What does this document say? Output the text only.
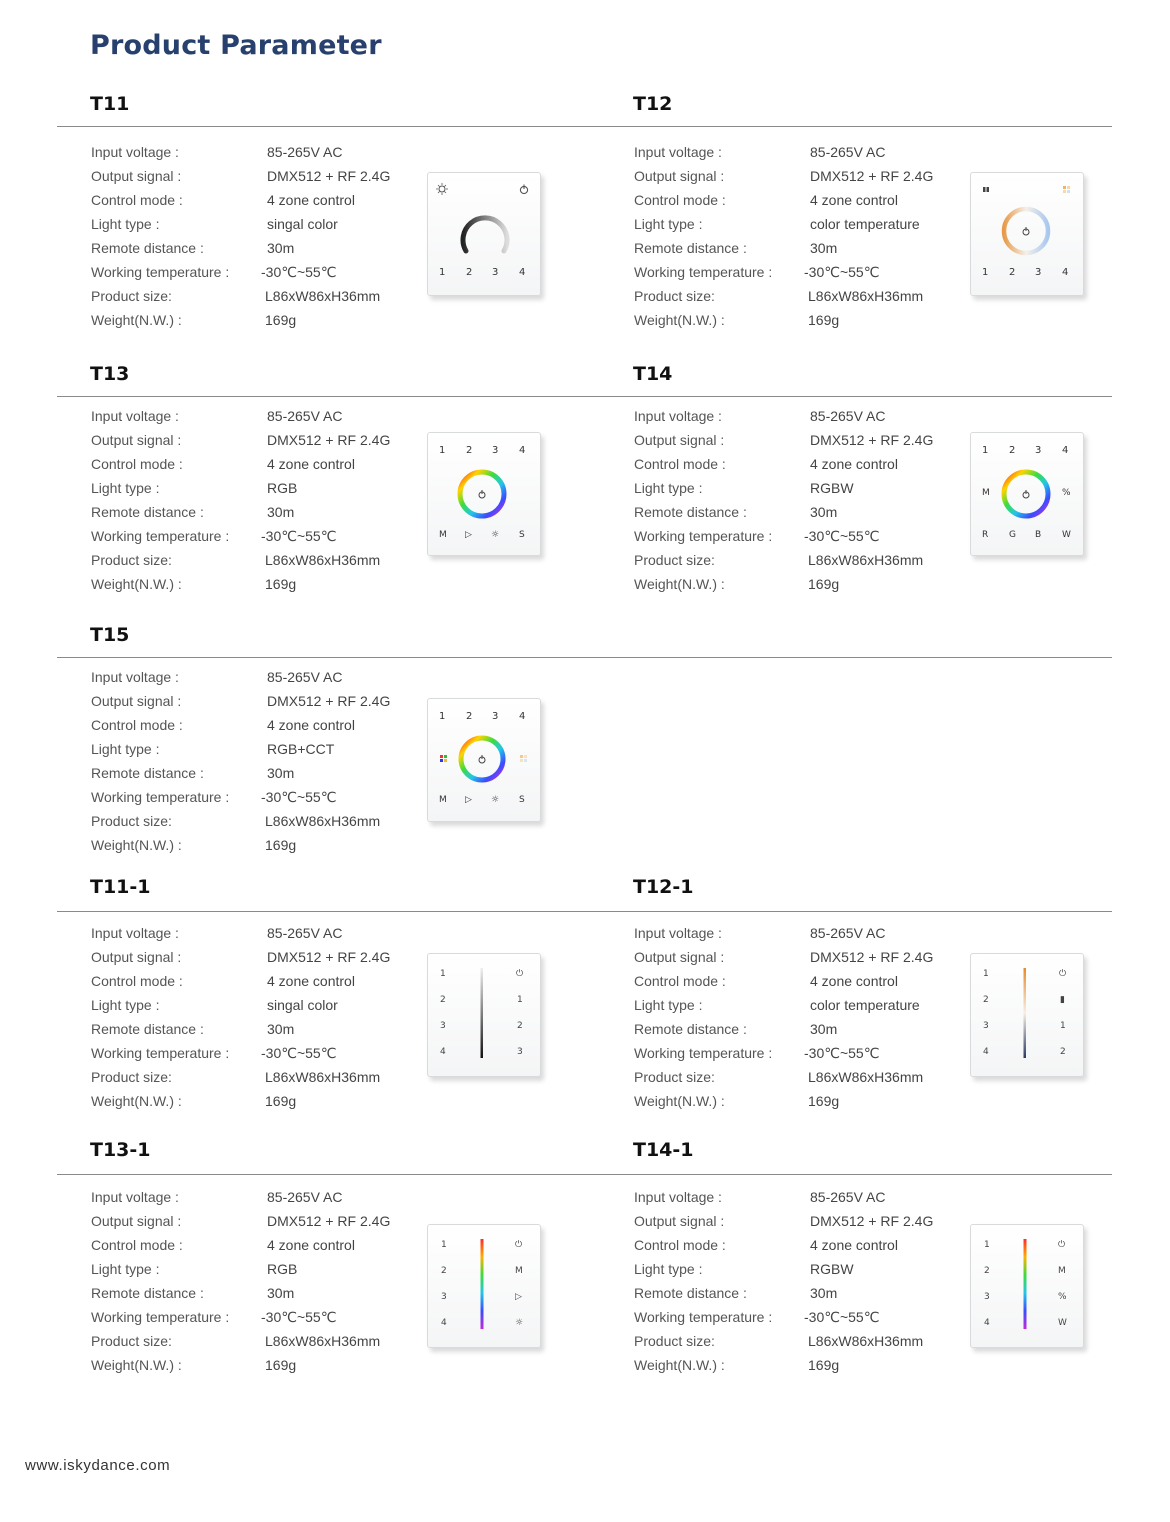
Product Parameter
T11
Input voltage :	85-265V AC
Output signal :	DMX512 + RF 2.4G
Control mode :	4 zone control
Light type :	singal color
Remote distance :	30m
Working temperature : -30℃~55℃
Product size:	L86xW86xH36mm
Weight(N.W.) :	169g
1 2 3 4
T12
Input voltage :	85-265V AC
Output signal :	DMX512 + RF 2.4G
Control mode :	4 zone control
Light type :	color temperature
Remote distance :	30m
Working temperature : -30℃~55℃
Product size:	L86xW86xH36mm
Weight(N.W.) :	169g
1 2 3 4
T13
Input voltage :	85-265V AC
Output signal :	DMX512 + RF 2.4G
Control mode :	4 zone control
Light type :	RGB
Remote distance :	30m
Working temperature : -30℃~55℃
Product size:	L86xW86xH36mm
Weight(N.W.) :	169g
1 2 3 4
M ▷ ☼ S
T14
Input voltage :	85-265V AC
Output signal :	DMX512 + RF 2.4G
Control mode :	4 zone control
Light type :	RGBW
Remote distance :	30m
Working temperature : -30℃~55℃
Product size:	L86xW86xH36mm
Weight(N.W.) :	169g
1 2 3 4
M	%
R G B W
T15
Input voltage :	85-265V AC
Output signal :	DMX512 + RF 2.4G
Control mode :	4 zone control
Light type :	RGB+CCT
Remote distance :	30m
Working temperature : -30℃~55℃
Product size:	L86xW86xH36mm
Weight(N.W.) :	169g
1 2 3 4
M ▷ ☼ S
T11-1
Input voltage :	85-265V AC
Output signal :	DMX512 + RF 2.4G
Control mode :	4 zone control
Light type :	singal color
Remote distance :	30m
Working temperature : -30℃~55℃
Product size:	L86xW86xH36mm
Weight(N.W.) :	169g
1
2
3
4
⏻
1
2
3
T12-1
Input voltage :	85-265V AC
Output signal :	DMX512 + RF 2.4G
Control mode :	4 zone control
Light type :	color temperature
Remote distance :	30m
Working temperature : -30℃~55℃
Product size:	L86xW86xH36mm
Weight(N.W.) :	169g
1
2
3
4
⏻
▮
1
2
T13-1
Input voltage :	85-265V AC
Output signal :	DMX512 + RF 2.4G
Control mode :	4 zone control
Light type :	RGB
Remote distance :	30m
Working temperature : -30℃~55℃
Product size:	L86xW86xH36mm
Weight(N.W.) :	169g
1
2
3
4
⏻
M
▷
☼
T14-1
Input voltage :	85-265V AC
Output signal :	DMX512 + RF 2.4G
Control mode :	4 zone control
Light type :	RGBW
Remote distance :	30m
Working temperature : -30℃~55℃
Product size:	L86xW86xH36mm
Weight(N.W.) :	169g
1
2
3
4
⏻
M
%
W

www.iskydance.com
